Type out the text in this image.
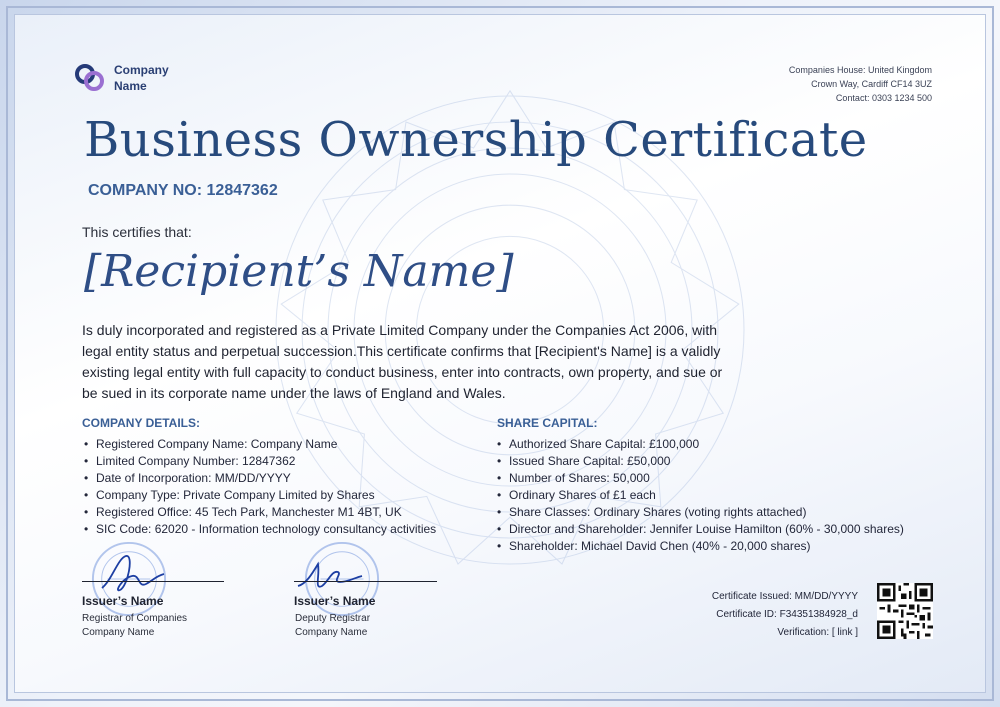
Company Name
Companies House: United Kingdom
Crown Way, Cardiff CF14 3UZ
Contact: 0303 1234 500
Business Ownership Certificate
COMPANY NO: 12847362
This certifies that:
[Recipient’s Name]
Is duly incorporated and registered as a Private Limited Company under the Companies Act 2006, with legal entity status and perpetual succession.This certificate confirms that [Recipient's Name] is a validly existing legal entity with full capacity to conduct business, enter into contracts, own property, and sue or be sued in its corporate name under the laws of England and Wales.
COMPANY DETAILS:
• Registered Company Name: Company Name
• Limited Company Number: 12847362
• Date of Incorporation: MM/DD/YYYY
• Company Type: Private Company Limited by Shares
• Registered Office: 45 Tech Park, Manchester M1 4BT, UK
• SIC Code: 62020 - Information technology consultancy activities
SHARE CAPITAL:
• Authorized Share Capital: £100,000
• Issued Share Capital: £50,000
• Number of Shares: 50,000
• Ordinary Shares of £1 each
• Share Classes: Ordinary Shares (voting rights attached)
• Director and Shareholder: Jennifer Louise Hamilton (60% - 30,000 shares)
• Shareholder: Michael David Chen (40% - 20,000 shares)
Issuer’s Name
Registrar of Companies
Company Name
Issuer’s Name
Deputy Registrar
Company Name
Certificate Issued: MM/DD/YYYY
Certificate ID: F34351384928_d
Verification: [ link ]
